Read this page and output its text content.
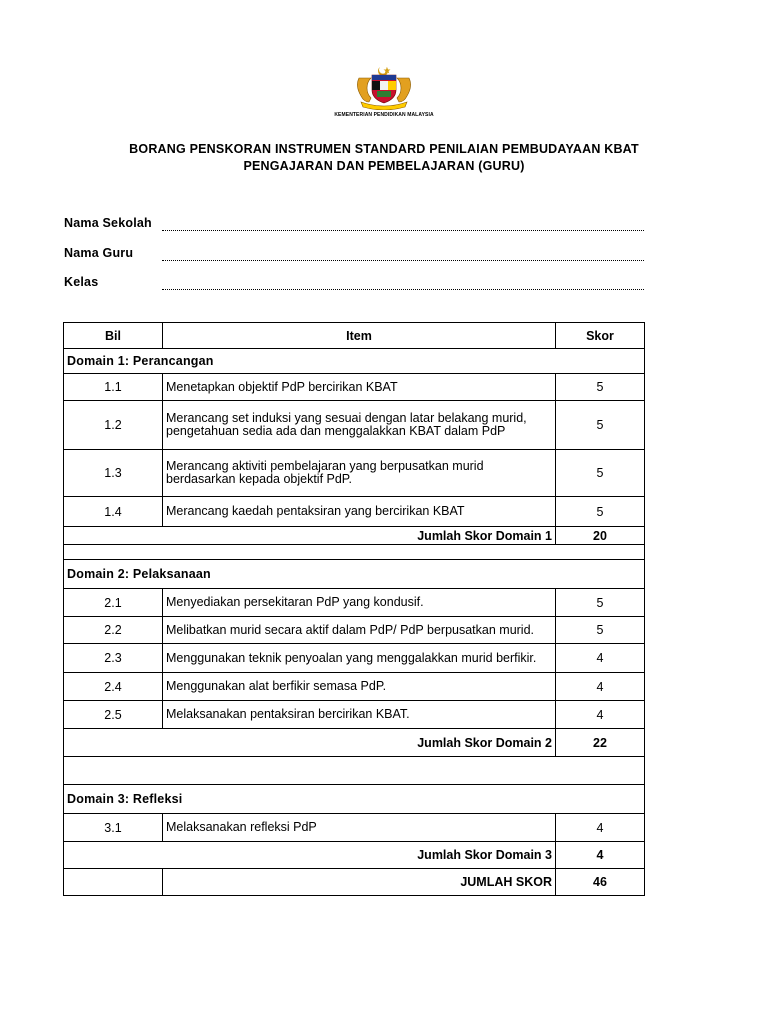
KEMENTERIAN PENDIDIKAN MALAYSIA
BORANG PENSKORAN INSTRUMEN STANDARD PENILAIAN PEMBUDAYAAN KBAT
PENGAJARAN DAN PEMBELAJARAN (GURU)
Nama Sekolah
Nama Guru
Kelas
Bil	Item	Skor
Domain 1: Perancangan		
1.1	Menetapkan objektif PdP bercirikan KBAT	5
1.2	Merancang set induksi yang sesuai dengan latar belakang murid, pengetahuan sedia ada dan menggalakkan KBAT dalam PdP	5
1.3	Merancang aktiviti pembelajaran yang berpusatkan murid berdasarkan kepada objektif PdP.	5
1.4	Merancang kaedah pentaksiran yang bercirikan KBAT	5
Jumlah Skor Domain 1		20

Domain 2: Pelaksanaan		
2.1	Menyediakan persekitaran PdP yang kondusif.	5
2.2	Melibatkan murid secara aktif dalam PdP/ PdP berpusatkan murid.	5
2.3	Menggunakan teknik penyoalan yang menggalakkan murid berfikir.	4
2.4	Menggunakan alat berfikir semasa PdP.	4
2.5	Melaksanakan pentaksiran bercirikan KBAT.	4
Jumlah Skor Domain 2		22

Domain 3: Refleksi		
3.1	Melaksanakan refleksi PdP	4
Jumlah Skor Domain 3		4
	JUMLAH SKOR	46
